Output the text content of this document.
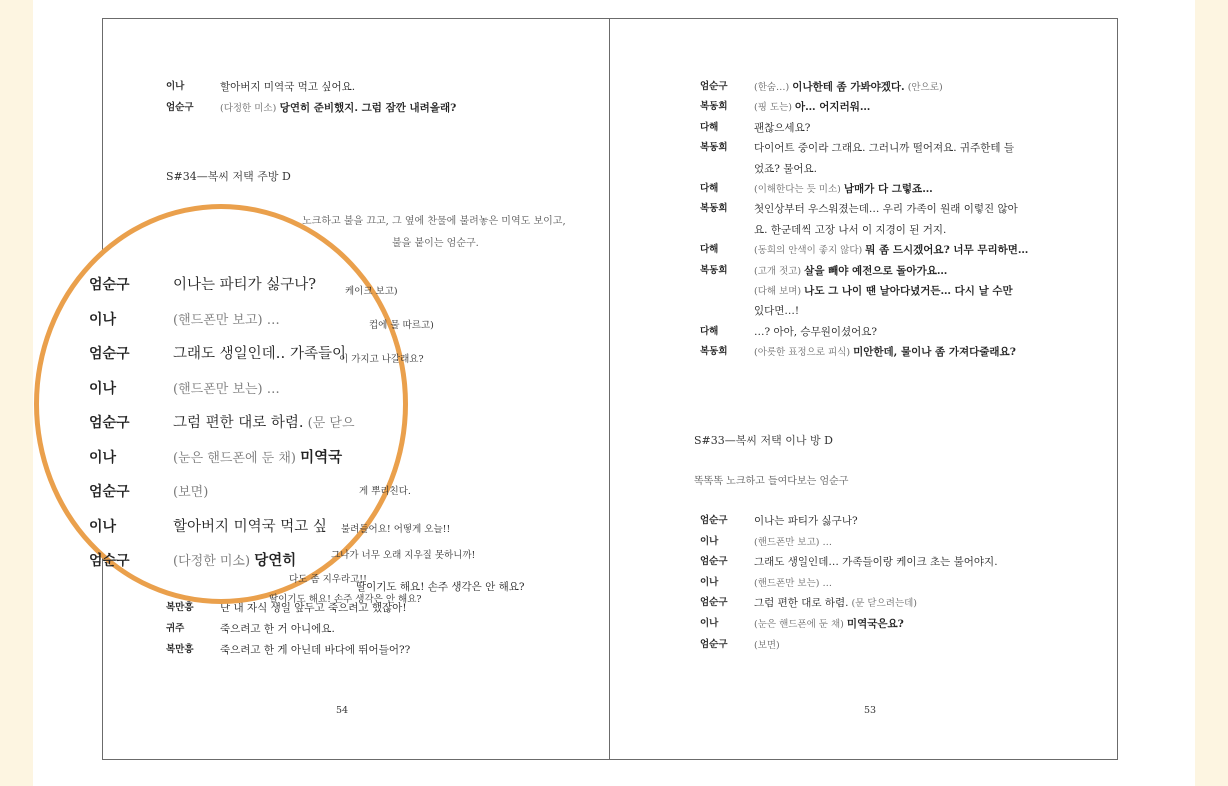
이나	할아버지 미역국 먹고 싶어요.
엄순구	(다정한 미소) 당연히 준비했지. 그럼 잠깐 내려올래?
S#34—복씨 저택 주방 D
노크하고 불을 끄고, 그 옆에 찬물에 불려놓은 미역도 보이고,
불을 붙이는 엄순구.
딸이기도 해요! 손주 생각은 안 해요?
복만흥	난 내 자식 생일 앞두고 죽으려고 했잖아!
귀주	죽으려고 한 거 아니에요.
복만흥	죽으려고 한 게 아닌데 바다에 뛰어들어??
54
엄순구	(한숨…) 이나한테 좀 가봐야겠다. (안으로)
복동희	(핑 도는) 아… 어지러워…
다해	괜찮으세요?
복동희	다이어트 중이라 그래요. 그러니까 떨어져요. 귀주한테 들
었죠? 물어요.
다해	(이해한다는 듯 미소) 남매가 다 그렇죠…
복동희	첫인상부터 우스워졌는데… 우리 가족이 원래 이렇진 않아
요. 한군데씩 고장 나서 이 지경이 된 거지.
다해	(동희의 안색이 좋지 않다) 뭐 좀 드시겠어요? 너무 무리하면…
복동희	(고개 젓고) 살을 빼야 예전으로 돌아가요…
(다해 보며) 나도 그 나이 땐 날아다녔거든… 다시 날 수만
있다면…!
다해	…? 아아, 승무원이셨어요?
복동희	(아릇한 표정으로 피식) 미안한데, 물이나 좀 가져다줄래요?
S#33—복씨 저택 이나 방 D
똑똑똑 노크하고 들여다보는 엄순구
엄순구	이나는 파티가 싫구나?
이나	(핸드폰만 보고) …
엄순구	그래도 생일인데… 가족들이랑 케이크 초는 불어야지.
이나	(핸드폰만 보는) …
엄순구	그럼 편한 대로 하렴. (문 닫으려는데)
이나	(눈은 핸드폰에 둔 채) 미역국은요?
엄순구	(보면)
53
케이크 보고)
컵에 물 따르고)
이 가지고 나갈래요?
게 뿌리친다.
불려들어요! 어떻게 오늘!!
그나가 너무 오래 지우질 못하니까!
다도 좀 지우라고!!
딸이기도 해요! 손주 생각은 안 해요?
엄순구	이나는 파티가 싫구나?
이나	(핸드폰만 보고) …
엄순구	그래도 생일인데‥ 가족들이
이나	(핸드폰만 보는) …
엄순구	그럼 편한 대로 하렴. (문 닫으
이나	(눈은 핸드폰에 둔 채) 미역국
엄순구	(보면)
이나	할아버지 미역국 먹고 싶
엄순구	(다정한 미소) 당연히
